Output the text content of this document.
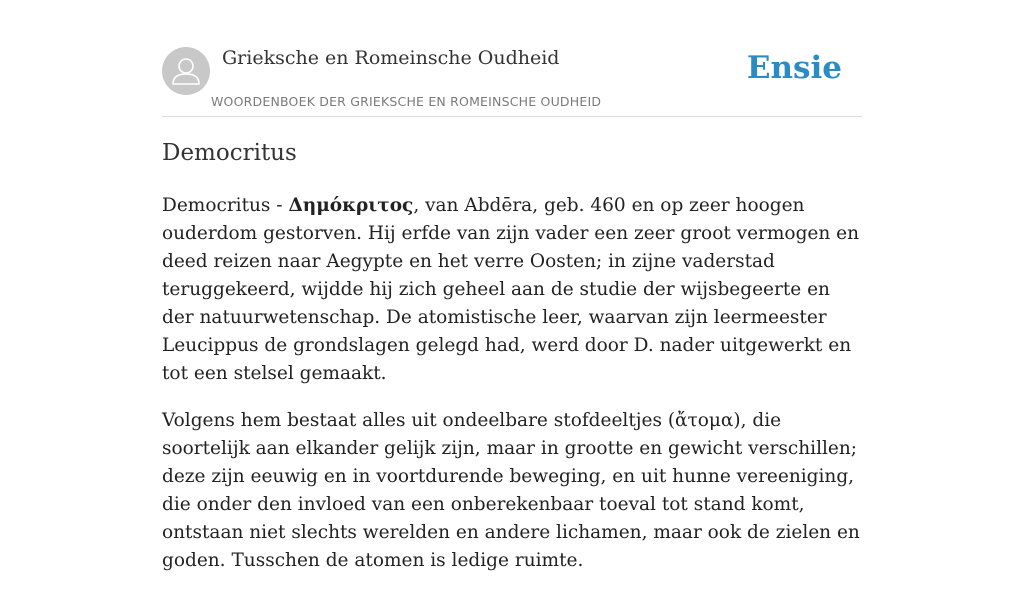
Grieksche en Romeinsche Oudheid
WOORDENBOEK DER GRIEKSCHE EN ROMEINSCHE OUDHEID
Ensie
Democritus

Democritus - Δημόκριτος, van Abdēra, geb. 460 en op zeer hoogen ouderdom gestorven. Hij erfde van zijn vader een zeer groot vermogen en deed reizen naar Aegypte en het verre Oosten; in zijne vaderstad teruggekeerd, wijdde hij zich geheel aan de studie der wijsbegeerte en der natuurwetenschap. De atomistische leer, waarvan zijn leermeester Leucippus de grondslagen gelegd had, werd door D. nader uitgewerkt en tot een stelsel gemaakt.

Volgens hem bestaat alles uit ondeelbare stofdeeltjes (ἄτομα), die soortelijk aan elkander gelijk zijn, maar in grootte en gewicht verschillen; deze zijn eeuwig en in voortdurende beweging, en uit hunne vereeniging, die onder den invloed van een onberekenbaar toeval tot stand komt, ontstaan niet slechts werelden en andere lichamen, maar ook de zielen en goden. Tusschen de atomen is ledige ruimte.
